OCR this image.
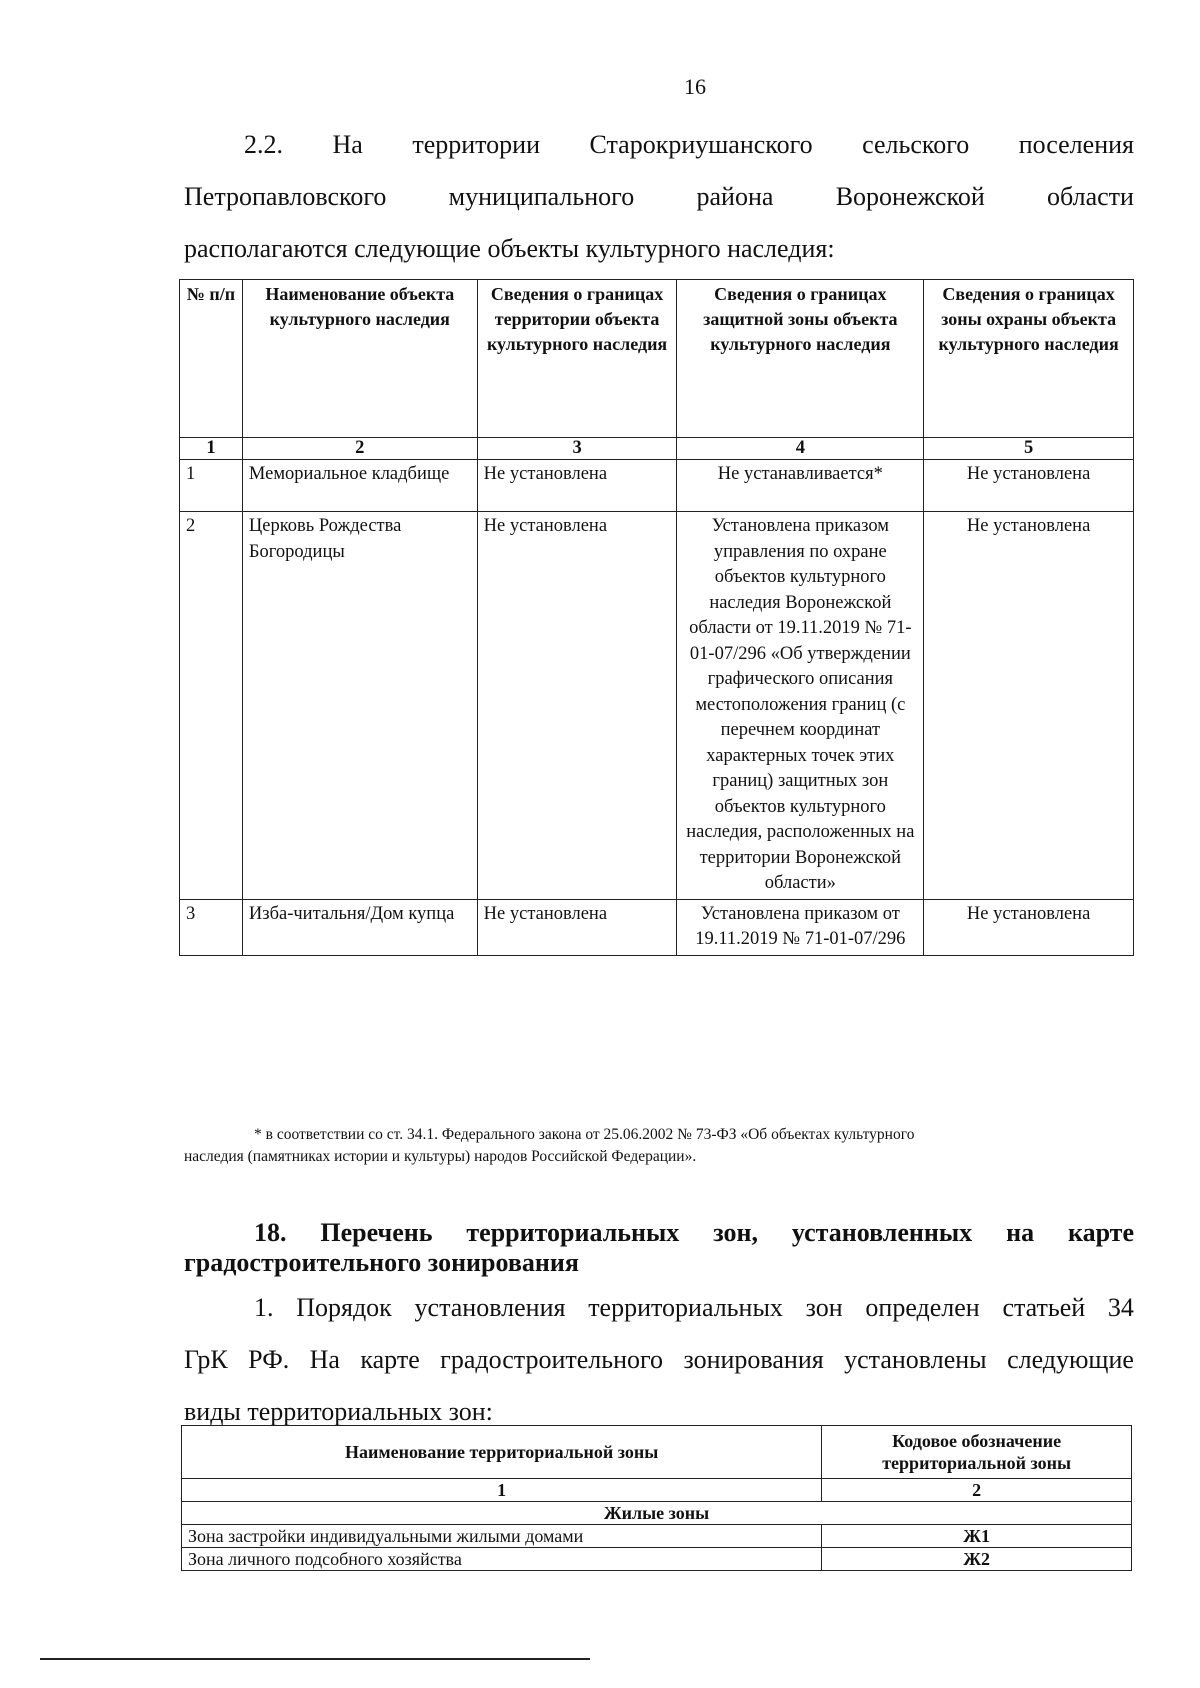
16
2.2. На территории Старокриушанского сельского поселения
Петропавловского муниципального района Воронежской области
располагаются следующие объекты культурного наследия:
№ п/п	Наименование объекта культурного наследия	Сведения о границах территории объекта культурного наследия	Сведения о границах защитной зоны объекта культурного наследия	Сведения о границах зоны охраны объекта культурного наследия
1	2	3	4	5
1	Мемориальное кладбище	Не установлена	Не устанавливается*	Не установлена
2	Церковь Рождества Богородицы	Не установлена	Установлена приказом управления по охране объектов культурного наследия Воронежской области от 19.11.2019 № 71-01-07/296 «Об утверждении графического описания местоположения границ (с перечнем координат характерных точек этих границ) защитных зон объектов культурного наследия, расположенных на территории Воронежской области»	Не установлена
3	Изба-читальня/Дом купца	Не установлена	Установлена приказом от 19.11.2019 № 71-01-07/296	Не установлена
* в соответствии со ст. 34.1. Федерального закона от 25.06.2002 № 73-ФЗ «Об объектах культурного
наследия (памятниках истории и культуры) народов Российской Федерации».
18. Перечень территориальных зон, установленных на карте градостроительного зонирования
1. Порядок установления территориальных зон определен статьей 34
ГрК РФ. На карте градостроительного зонирования установлены следующие
виды территориальных зон:
Наименование территориальной зоны	Кодовое обозначение территориальной зоны
1	2
Жилые зоны	
Зона застройки индивидуальными жилыми домами	Ж1
Зона личного подсобного хозяйства	Ж2
